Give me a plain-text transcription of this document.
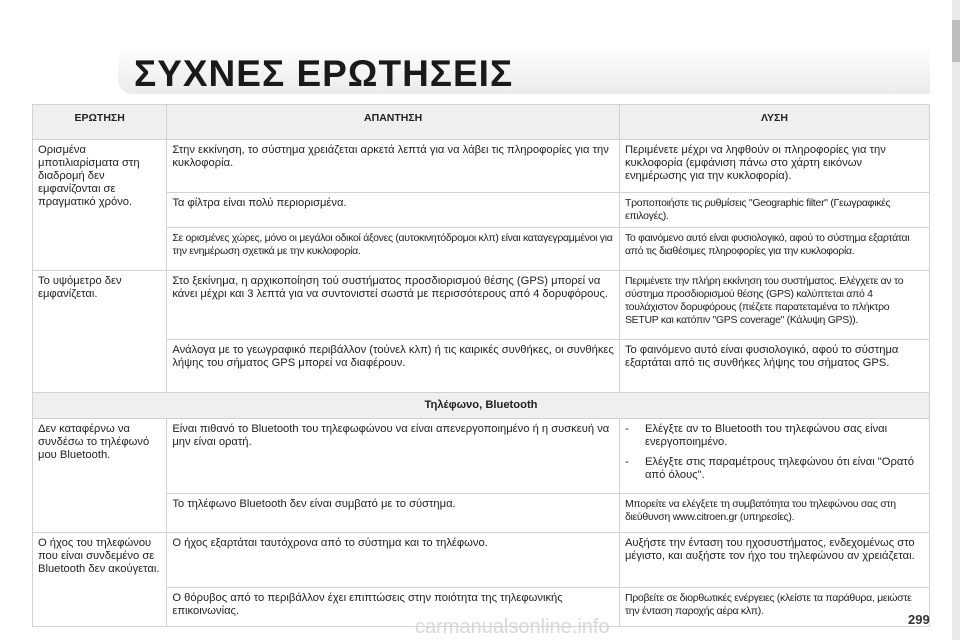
ΣΥΧΝΕΣ ΕΡΩΤΗΣΕΙΣ
ΕΡΩΤΗΣΗ	ΑΠΑΝΤΗΣΗ	ΛΥΣΗ
Ορισμένα μποτιλιαρίσματα στη διαδρομή δεν εμφανίζονται σε πραγματικό χρόνο.	Στην εκκίνηση, το σύστημα χρειάζεται αρκετά λεπτά για να λάβει τις πληροφορίες για την κυκλοφορία.	Περιμένετε μέχρι να ληφθούν οι πληροφορίες για την κυκλοφορία (εμφάνιση πάνω στο χάρτη εικόνων ενημέρωσης για την κυκλοφορία).
	Τα φίλτρα είναι πολύ περιορισμένα.	Τροποποιήστε τις ρυθμίσεις "Geographic filter" (Γεωγραφικές επιλογές).
	Σε ορισμένες χώρες, μόνο οι μεγάλοι οδικοί άξονες (αυτοκινητόδρομοι κλπ) είναι καταγεγραμμένοι για την ενημέρωση σχετικά με την κυκλοφορία.	Το φαινόμενο αυτό είναι φυσιολογικό, αφού το σύστημα εξαρτάται από τις διαθέσιμες πληροφορίες για την κυκλοφορία.
Το υψόμετρο δεν εμφανίζεται.	Στο ξεκίνημα, η αρχικοποίηση τού συστήματος προσδιορισμού θέσης (GPS) μπορεί να κάνει μέχρι και 3 λεπτά για να συντονιστεί σωστά με περισσότερους από 4 δορυφόρους.	Περιμένετε την πλήρη εκκίνηση του συστήματος. Ελέγχετε αν το σύστημα προσδιορισμού θέσης (GPS) καλύπτεται από 4 τουλάχιστον δορυφόρους (πιέζετε παρατεταμένα το πλήκτρο SETUP και κατόπιν "GPS coverage" (Κάλυψη GPS)).
	Ανάλογα με το γεωγραφικό περιβάλλον (τούνελ κλπ) ή τις καιρικές συνθήκες, οι συνθήκες λήψης του σήματος GPS μπορεί να διαφέρουν.	Το φαινόμενο αυτό είναι φυσιολογικό, αφού το σύστημα εξαρτάται από τις συνθήκες λήψης του σήματος GPS.
Τηλέφωνο, Bluetooth		
Δεν καταφέρνω να συνδέσω το τηλέφωνό μου Bluetooth.	Είναι πιθανό το Bluetooth του τηλεφωφώνου να είναι απενεργοποιημένο ή η συσκευή να μην είναι ορατή.	- Ελέγξτε αν το Bluetooth του τηλεφώνου σας είναι ενεργοποιημένο.
- Ελέγξτε στις παραμέτρους τηλεφώνου ότι είναι "Ορατό από όλους".

	Το τηλέφωνο Bluetooth δεν είναι συμβατό με το σύστημα.	Μπορείτε να ελέγξετε τη συμβατότητα του τηλεφώνου σας στη διεύθυνση www.citroen.gr (υπηρεσίες).
Ο ήχος του τηλεφώνου που είναι συνδεμένο σε Bluetooth δεν ακούγεται.	Ο ήχος εξαρτάται ταυτόχρονα από το σύστημα και το τηλέφωνο.	Αυξήστε την ένταση του ηχοσυστήματος, ενδεχομένως στο μέγιστο, και αυξήστε τον ήχο του τηλεφώνου αν χρειάζεται.
	Ο θόρυβος από το περιβάλλον έχει επιπτώσεις στην ποιότητα της τηλεφωνικής επικοινωνίας.	Προβείτε σε διορθωτικές ενέργειες (κλείστε τα παράθυρα, μειώστε την ένταση παροχής αέρα κλπ).
carmanualsonline.info	299
